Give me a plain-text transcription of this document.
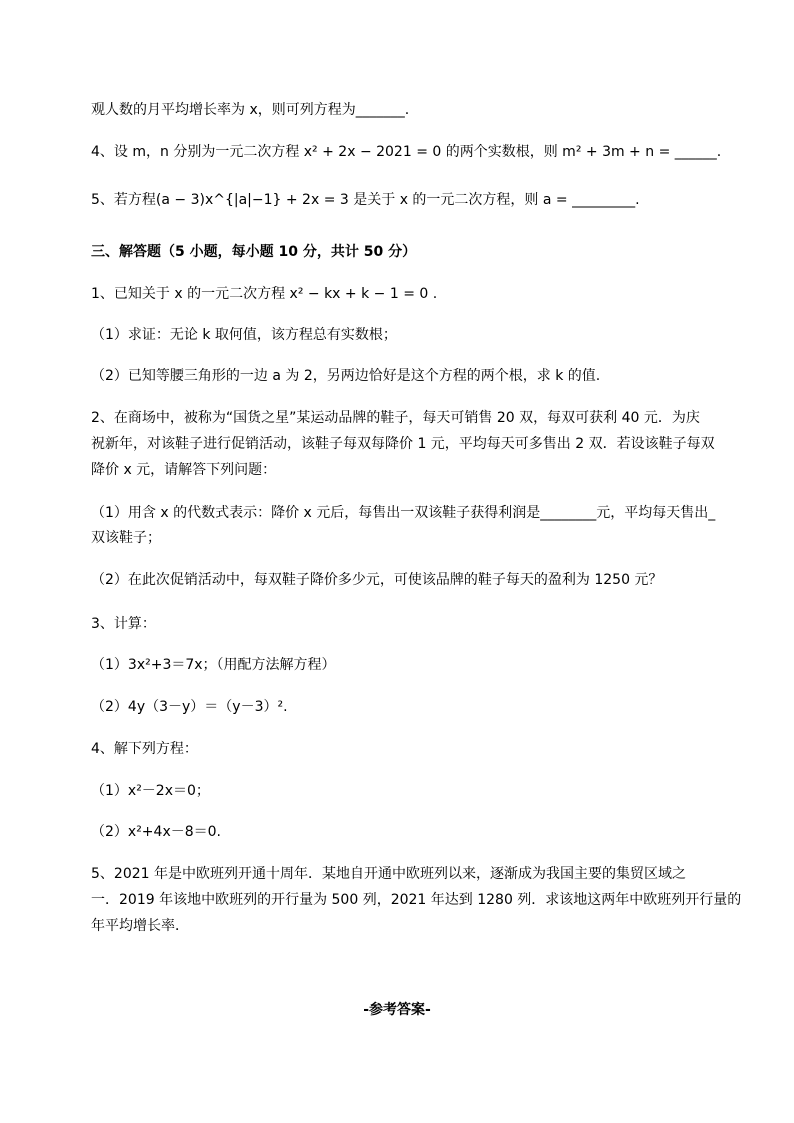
观人数的月平均增长率为 x，则可列方程为_______.
4、设 m，n 分别为一元二次方程 x² + 2x − 2021 = 0 的两个实数根，则 m² + 3m + n = ______.
5、若方程(a − 3)x^{|a|−1} + 2x = 3 是关于 x 的一元二次方程，则 a = _________.
三、解答题（5 小题，每小题 10 分，共计 50 分）
1、已知关于 x 的一元二次方程 x² − kx + k − 1 = 0 .
（1）求证：无论 k 取何值，该方程总有实数根；
（2）已知等腰三角形的一边 a 为 2，另两边恰好是这个方程的两个根，求 k 的值.
2、在商场中，被称为“国货之星”某运动品牌的鞋子，每天可销售 20 双，每双可获利 40 元．为庆
祝新年，对该鞋子进行促销活动，该鞋子每双每降价 1 元，平均每天可多售出 2 双．若设该鞋子每双
降价 x 元，请解答下列问题：
（1）用含 x 的代数式表示：降价 x 元后，每售出一双该鞋子获得利润是________元，平均每天售出_
双该鞋子；
（2）在此次促销活动中，每双鞋子降价多少元，可使该品牌的鞋子每天的盈利为 1250 元？
3、计算：
（1）3x²+3＝7x；（用配方法解方程）
（2）4y（3－y）＝（y－3）².
4、解下列方程：
（1）x²－2x＝0；
（2）x²+4x－8＝0.
5、2021 年是中欧班列开通十周年．某地自开通中欧班列以来，逐渐成为我国主要的集贸区域之
一．2019 年该地中欧班列的开行量为 500 列，2021 年达到 1280 列．求该地这两年中欧班列开行量的
年平均增长率．
-参考答案-
